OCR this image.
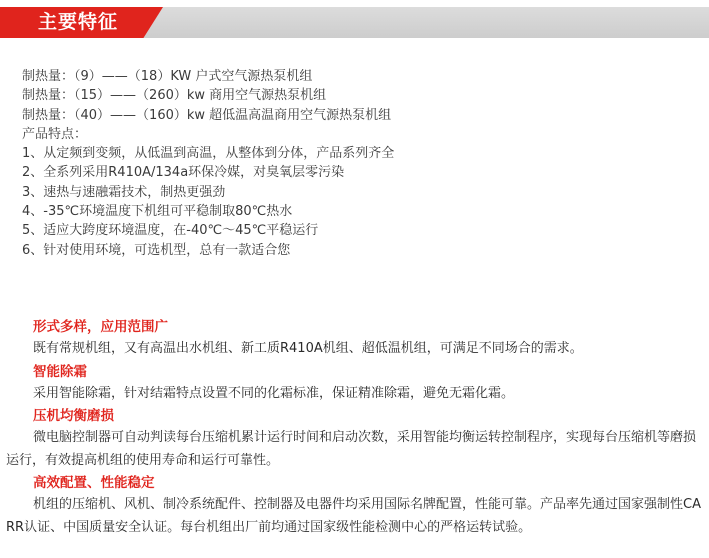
主要特征
制热量：（9）——（18）KW 户式空气源热泵机组
制热量：（15）——（260）kw 商用空气源热泵机组
制热量：（40）——（160）kw 超低温高温商用空气源热泵机组
产品特点：
1、从定频到变频，从低温到高温，从整体到分体，产品系列齐全
2、全系列采用R410A/134a环保冷媒，对臭氧层零污染
3、速热与速融霜技术，制热更强劲
4、-35℃环境温度下机组可平稳制取80℃热水
5、适应大跨度环境温度，在-40℃～45℃平稳运行
6、针对使用环境，可选机型，总有一款适合您
形式多样，应用范围广
既有常规机组，又有高温出水机组、新工质R410A机组、超低温机组，可满足不同场合的需求。
智能除霜
采用智能除霜，针对结霜特点设置不同的化霜标准，保证精准除霜，避免无霜化霜。
压机均衡磨损
微电脑控制器可自动判读每台压缩机累计运行时间和启动次数，采用智能均衡运转控制程序，实现每台压缩机等磨损运行，有效提高机组的使用寿命和运行可靠性。
高效配置、性能稳定
机组的压缩机、风机、制冷系统配件、控制器及电器件均采用国际名牌配置，性能可靠。产品率先通过国家强制性CARR认证、中国质量安全认证。每台机组出厂前均通过国家级性能检测中心的严格运转试验。
